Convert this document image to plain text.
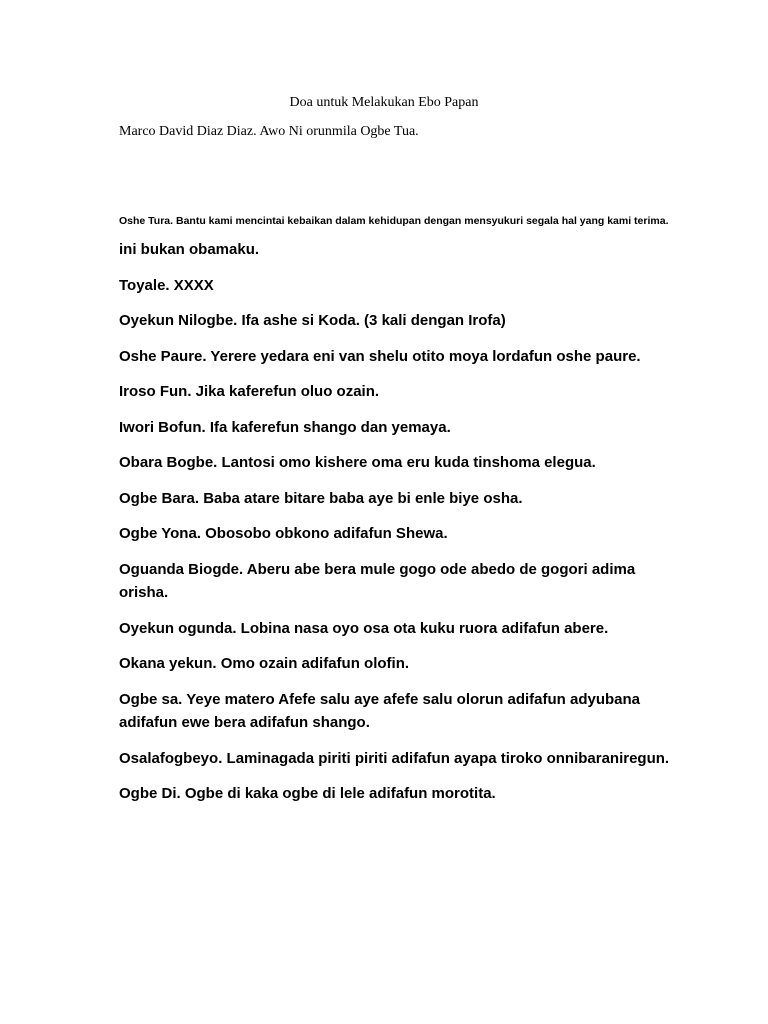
Doa untuk Melakukan Ebo Papan
Marco David Diaz Diaz. Awo Ni orunmila Ogbe Tua.
Oshe Tura. Bantu kami mencintai kebaikan dalam kehidupan dengan mensyukuri segala hal yang kami terima.

ini bukan obamaku.

Toyale. XXXX

Oyekun Nilogbe. Ifa ashe si Koda. (3 kali dengan Irofa)

Oshe Paure. Yerere yedara eni van shelu otito moya lordafun oshe paure.

Iroso Fun. Jika kaferefun oluo ozain.

Iwori Bofun. Ifa kaferefun shango dan yemaya.

Obara Bogbe. Lantosi omo kishere oma eru kuda tinshoma elegua.

Ogbe Bara. Baba atare bitare baba aye bi enle biye osha.

Ogbe Yona. Obosobo obkono adifafun Shewa.

Oguanda Biogde. Aberu abe bera mule gogo ode abedo de gogori adima orisha.

Oyekun ogunda. Lobina nasa oyo osa ota kuku ruora adifafun abere.

Okana yekun. Omo ozain adifafun olofin.

Ogbe sa. Yeye matero Afefe salu aye afefe salu olorun adifafun adyubana adifafun ewe bera adifafun shango.

Osalafogbeyo. Laminagada piriti piriti adifafun ayapa tiroko onnibaraniregun.

Ogbe Di. Ogbe di kaka ogbe di lele adifafun morotita.
